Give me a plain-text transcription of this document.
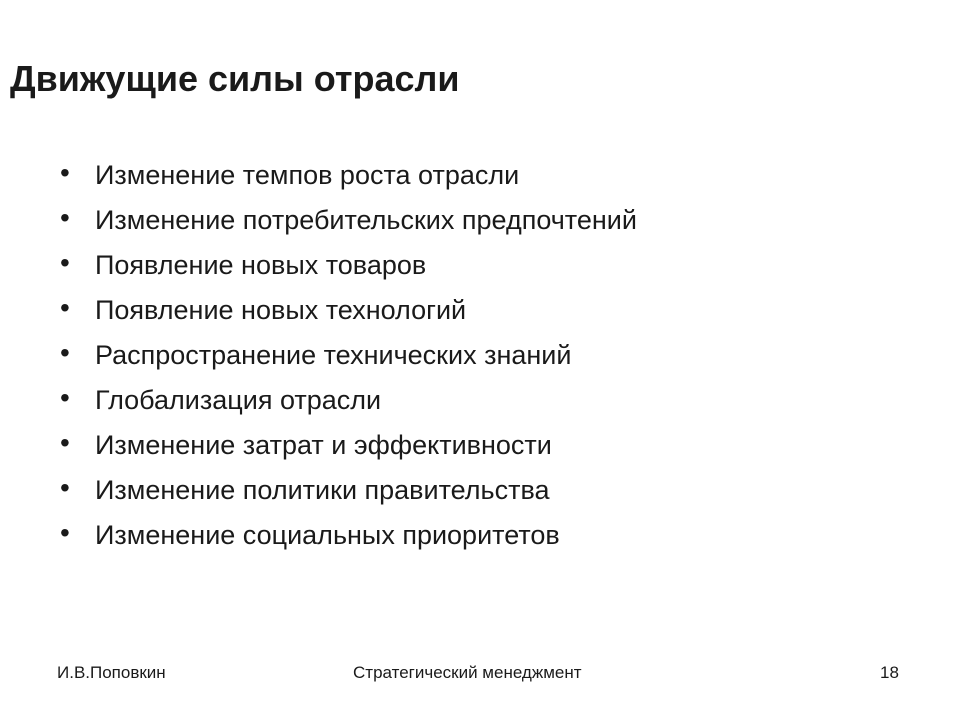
Движущие силы отрасли
• Изменение темпов роста отрасли
• Изменение потребительских предпочтений
• Появление новых товаров
• Появление новых технологий
• Распространение технических знаний
• Глобализация отрасли
• Изменение затрат и эффективности
• Изменение политики правительства
• Изменение социальных приоритетов
И.В.Поповкин	Стратегический менеджмент	18
